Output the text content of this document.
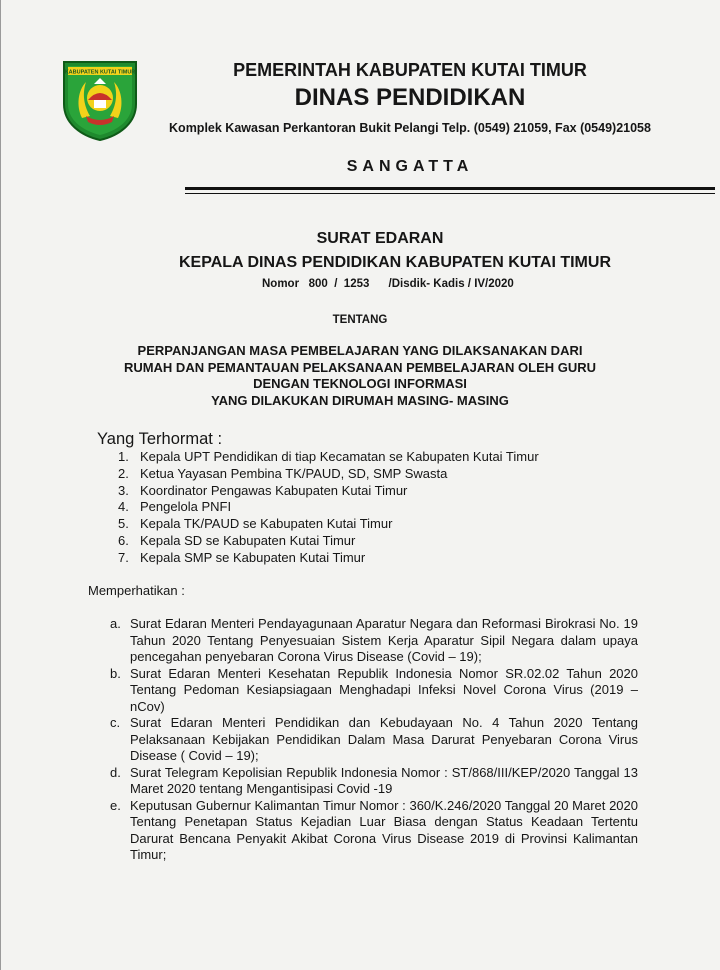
KABUPATEN KUTAI TIMUR	PEMERINTAH KABUPATEN KUTAI TIMUR
DINAS PENDIDIKAN
Komplek Kawasan Perkantoran Bukit Pelangi Telp. (0549) 21059, Fax (0549)21058
SANGATTA
SURAT EDARAN
KEPALA DINAS PENDIDIKAN KABUPATEN KUTAI TIMUR
Nomor   800  /  1253      /Disdik- Kadis / IV/2020
TENTANG
PERPANJANGAN MASA PEMBELAJARAN YANG DILAKSANAKAN DARI
RUMAH DAN PEMANTAUAN PELAKSANAAN PEMBELAJARAN OLEH GURU
DENGAN TEKNOLOGI INFORMASI
YANG DILAKUKAN DIRUMAH MASING- MASING
Yang Terhormat :
1. Kepala UPT Pendidikan di tiap Kecamatan se Kabupaten Kutai Timur
2. Ketua Yayasan Pembina TK/PAUD, SD, SMP Swasta
3. Koordinator Pengawas Kabupaten Kutai Timur
4. Pengelola PNFI
5. Kepala TK/PAUD se Kabupaten Kutai Timur
6. Kepala SD se Kabupaten Kutai Timur
7. Kepala SMP se Kabupaten Kutai Timur
Memperhatikan :
a. Surat Edaran Menteri Pendayagunaan Aparatur Negara dan Reformasi Birokrasi No. 19 Tahun 2020 Tentang Penyesuaian Sistem Kerja Aparatur Sipil Negara dalam upaya pencegahan penyebaran Corona Virus Disease (Covid – 19);
b. Surat Edaran Menteri Kesehatan Republik Indonesia Nomor SR.02.02 Tahun 2020 Tentang Pedoman Kesiapsiagaan Menghadapi Infeksi Novel Corona Virus (2019 – nCov)
c. Surat Edaran Menteri Pendidikan dan Kebudayaan No. 4 Tahun 2020 Tentang Pelaksanaan Kebijakan Pendidikan Dalam Masa Darurat Penyebaran Corona Virus Disease ( Covid – 19);
d. Surat Telegram Kepolisian Republik Indonesia Nomor : ST/868/III/KEP/2020 Tanggal 13 Maret 2020 tentang Mengantisipasi Covid -19
e. Keputusan Gubernur Kalimantan Timur Nomor : 360/K.246/2020 Tanggal 20 Maret 2020 Tentang Penetapan Status Kejadian Luar Biasa dengan Status Keadaan Tertentu Darurat Bencana Penyakit Akibat Corona Virus Disease 2019 di Provinsi Kalimantan Timur;
